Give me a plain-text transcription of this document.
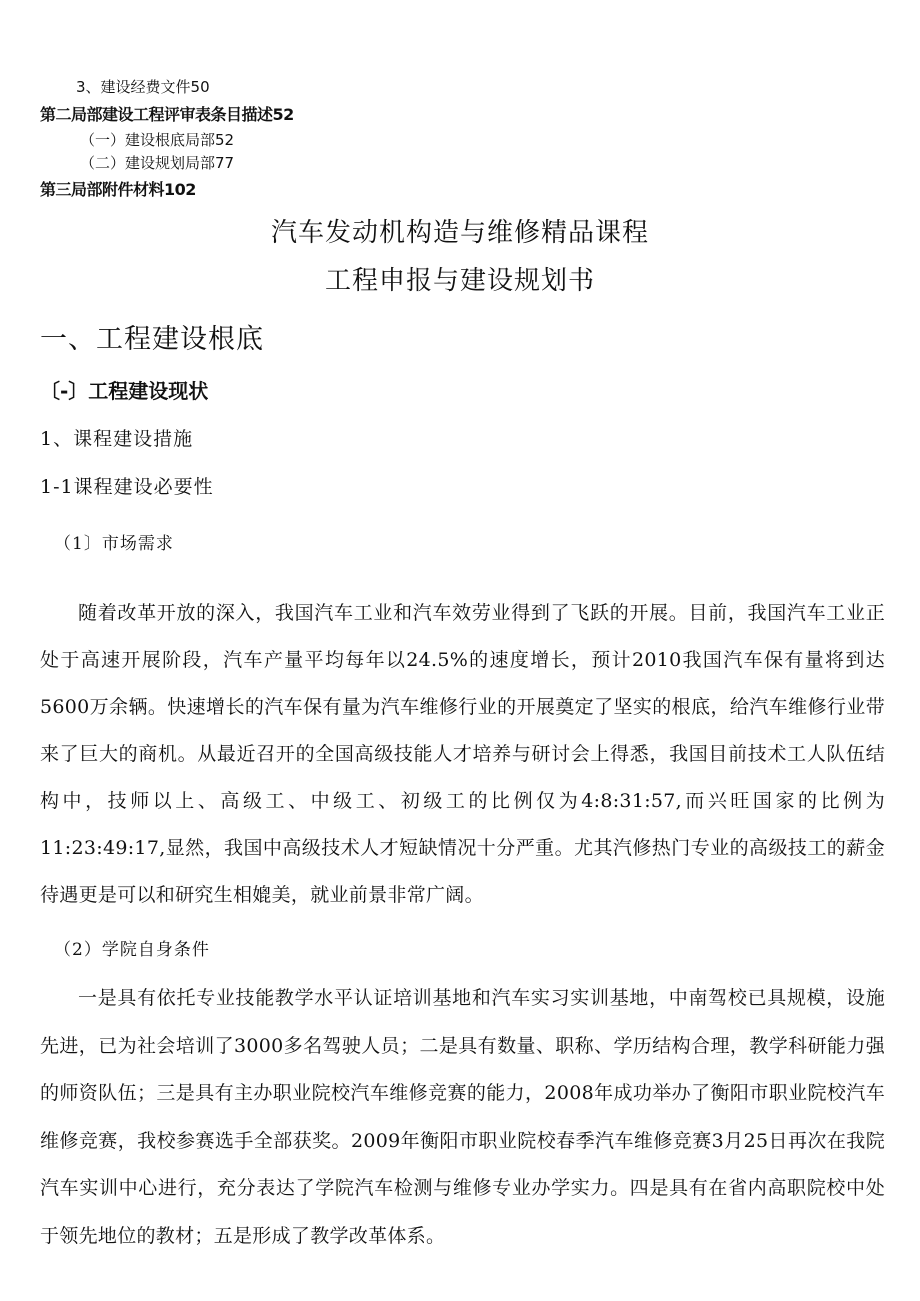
3、建设经费文件50
第二局部建设工程评审表条目描述52
（一）建设根底局部52
（二）建设规划局部77
第三局部附件材料102
汽车发动机构造与维修精品课程
工程申报与建设规划书
一、工程建设根底
〔-〕工程建设现状
1、课程建设措施
1-1课程建设必要性
（1〕市场需求
随着改革开放的深入，我国汽车工业和汽车效劳业得到了飞跃的开展。目前，我国汽车工业正处于高速开展阶段，汽车产量平均每年以24.5%的速度增长，预计2010我国汽车保有量将到达5600万余辆。快速增长的汽车保有量为汽车维修行业的开展奠定了坚实的根底，给汽车维修行业带来了巨大的商机。从最近召开的全国高级技能人才培养与研讨会上得悉，我国目前技术工人队伍结构中，技师以上、高级工、中级工、初级工的比例仅为4:8:31:57,而兴旺国家的比例为11:23:49:17,显然，我国中高级技术人才短缺情况十分严重。尤其汽修热门专业的高级技工的薪金待遇更是可以和研究生相媲美，就业前景非常广阔。
（2）学院自身条件
一是具有依托专业技能教学水平认证培训基地和汽车实习实训基地，中南驾校已具规模，设施先进，已为社会培训了3000多名驾驶人员；二是具有数量、职称、学历结构合理，教学科研能力强的师资队伍；三是具有主办职业院校汽车维修竞赛的能力，2008年成功举办了衡阳市职业院校汽车维修竞赛，我校参赛选手全部获奖。2009年衡阳市职业院校春季汽车维修竞赛3月25日再次在我院汽车实训中心进行，充分表达了学院汽车检测与维修专业办学实力。四是具有在省内高职院校中处于领先地位的教材；五是形成了教学改革体系。
